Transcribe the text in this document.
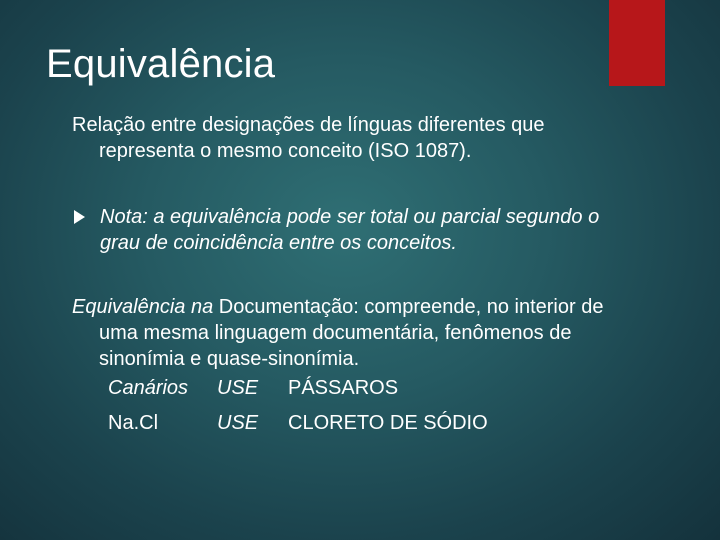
Equivalência
Relação entre designações de línguas diferentes que
representa o mesmo conceito (ISO 1087).
Nota: a equivalência pode ser total ou parcial segundo o
grau de coincidência entre os conceitos.
Equivalência na Documentação: compreende, no interior de
uma mesma linguagem documentária, fenômenos de
sinonímia e quase-sinonímia.
Canários USE PÁSSAROS
Na.Cl	USE CLORETO DE SÓDIO
